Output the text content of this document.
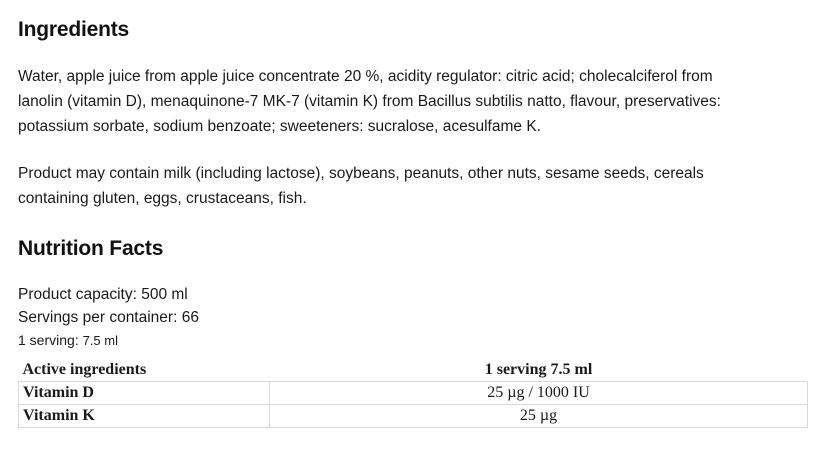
Ingredients

Water, apple juice from apple juice concentrate 20 %, acidity regulator: citric acid; cholecalciferol from lanolin (vitamin D), menaquinone-7 MK-7 (vitamin K) from Bacillus subtilis natto, flavour, preservatives: potassium sorbate, sodium benzoate; sweeteners: sucralose, acesulfame K.

Product may contain milk (including lactose), soybeans, peanuts, other nuts, sesame seeds, cereals containing gluten, eggs, crustaceans, fish.

Nutrition Facts
Product capacity: 500 ml
Servings per container: 66
1 serving: 7.5 ml
Active ingredients	1 serving 7.5 ml
Vitamin D	25 µg / 1000 IU
Vitamin K	25 µg
